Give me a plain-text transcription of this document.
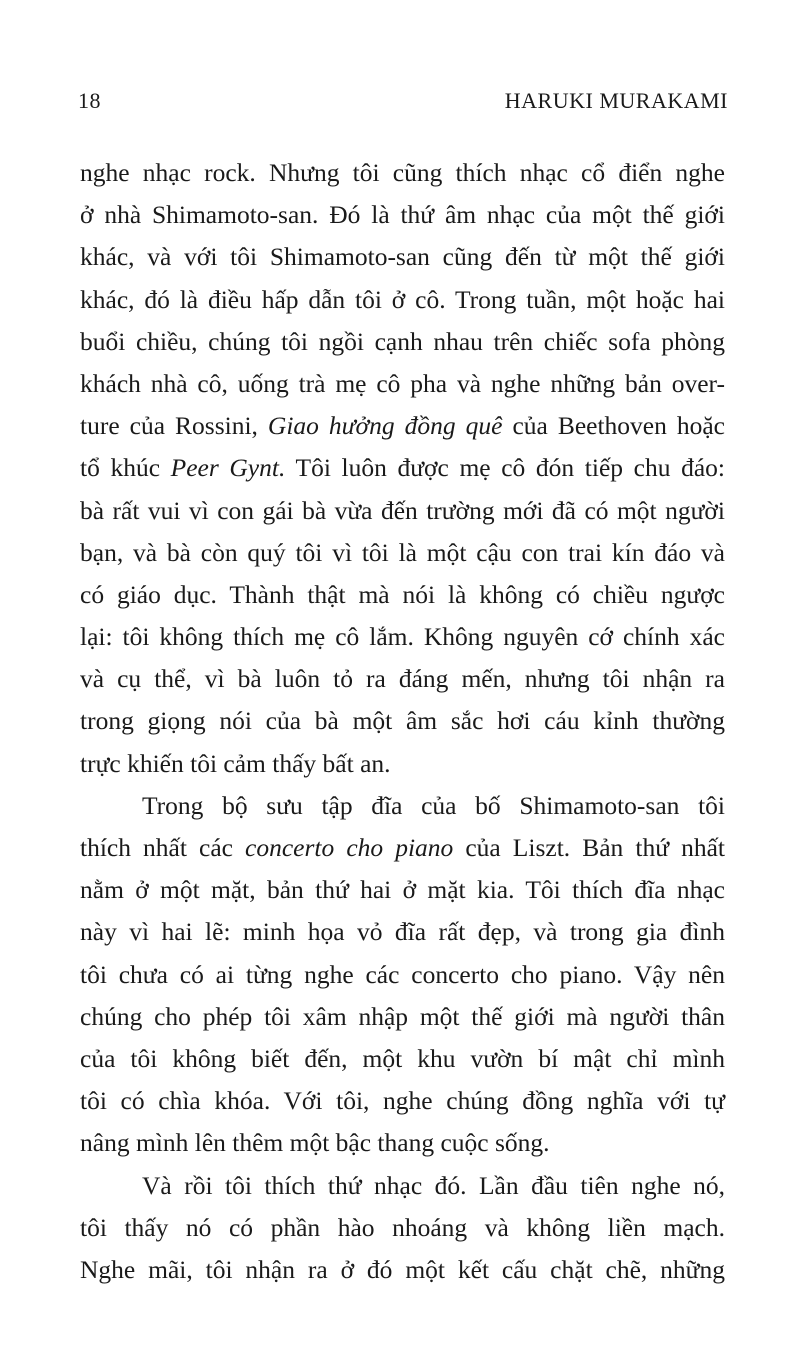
18	HARUKI MURAKAMI
nghe nhạc rock. Nhưng tôi cũng thích nhạc cổ điển nghe
ở nhà Shimamoto-san. Đó là thứ âm nhạc của một thế giới
khác, và với tôi Shimamoto-san cũng đến từ một thế giới
khác, đó là điều hấp dẫn tôi ở cô. Trong tuần, một hoặc hai
buổi chiều, chúng tôi ngồi cạnh nhau trên chiếc sofa phòng
khách nhà cô, uống trà mẹ cô pha và nghe những bản over-
ture của Rossini, Giao hưởng đồng quê của Beethoven hoặc
tổ khúc Peer Gynt. Tôi luôn được mẹ cô đón tiếp chu đáo:
bà rất vui vì con gái bà vừa đến trường mới đã có một người
bạn, và bà còn quý tôi vì tôi là một cậu con trai kín đáo và
có giáo dục. Thành thật mà nói là không có chiều ngược
lại: tôi không thích mẹ cô lắm. Không nguyên cớ chính xác
và cụ thể, vì bà luôn tỏ ra đáng mến, nhưng tôi nhận ra
trong giọng nói của bà một âm sắc hơi cáu kỉnh thường
trực khiến tôi cảm thấy bất an.
Trong bộ sưu tập đĩa của bố Shimamoto-san tôi
thích nhất các concerto cho piano của Liszt. Bản thứ nhất
nằm ở một mặt, bản thứ hai ở mặt kia. Tôi thích đĩa nhạc
này vì hai lẽ: minh họa vỏ đĩa rất đẹp, và trong gia đình
tôi chưa có ai từng nghe các concerto cho piano. Vậy nên
chúng cho phép tôi xâm nhập một thế giới mà người thân
của tôi không biết đến, một khu vườn bí mật chỉ mình
tôi có chìa khóa. Với tôi, nghe chúng đồng nghĩa với tự
nâng mình lên thêm một bậc thang cuộc sống.
Và rồi tôi thích thứ nhạc đó. Lần đầu tiên nghe nó,
tôi thấy nó có phần hào nhoáng và không liền mạch.
Nghe mãi, tôi nhận ra ở đó một kết cấu chặt chẽ, những
